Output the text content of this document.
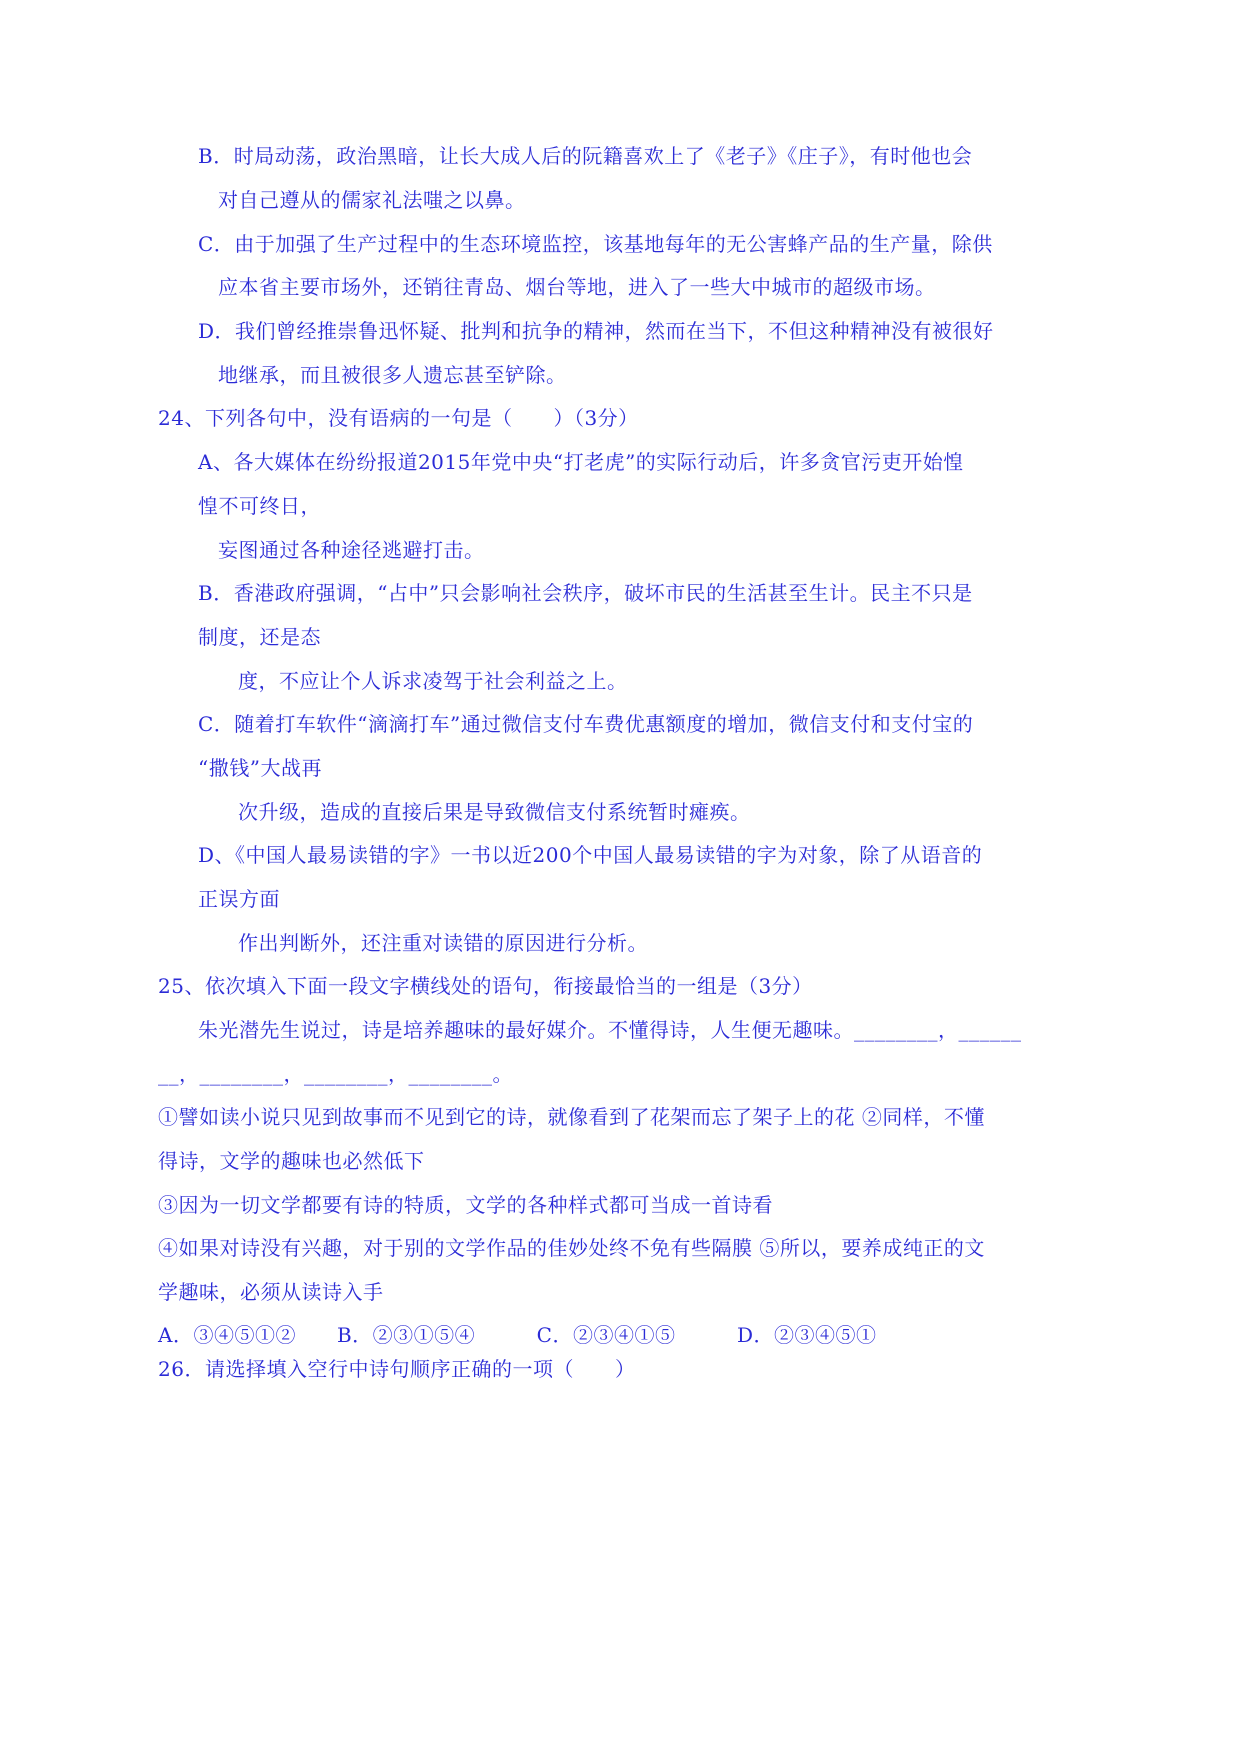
B．时局动荡，政治黑暗，让长大成人后的阮籍喜欢上了《老子》《庄子》，有时他也会
对自己遵从的儒家礼法嗤之以鼻。
C．由于加强了生产过程中的生态环境监控，该基地每年的无公害蜂产品的生产量，除供
应本省主要市场外，还销往青岛、烟台等地，进入了一些大中城市的超级市场。
D．我们曾经推崇鲁迅怀疑、批判和抗争的精神，然而在当下，不但这种精神没有被很好
地继承，而且被很多人遗忘甚至铲除。
24、下列各句中，没有语病的一句是（　　）（3分）
A、各大媒体在纷纷报道2015年党中央“打老虎”的实际行动后，许多贪官污吏开始惶
惶不可终日，
妄图通过各种途径逃避打击。
B．香港政府强调，“占中”只会影响社会秩序，破坏市民的生活甚至生计。民主不只是
制度，还是态
度，不应让个人诉求凌驾于社会利益之上。
C．随着打车软件“滴滴打车”通过微信支付车费优惠额度的增加，微信支付和支付宝的
“撒钱”大战再
次升级，造成的直接后果是导致微信支付系统暂时瘫痪。
D、《中国人最易读错的字》一书以近200个中国人最易读错的字为对象，除了从语音的
正误方面
作出判断外，还注重对读错的原因进行分析。
25、依次填入下面一段文字横线处的语句，衔接最恰当的一组是（3分）
朱光潜先生说过，诗是培养趣味的最好媒介。不懂得诗，人生便无趣味。________，______
__，________，________，________。
①譬如读小说只见到故事而不见到它的诗，就像看到了花架而忘了架子上的花 ②同样，不懂
得诗，文学的趣味也必然低下
③因为一切文学都要有诗的特质，文学的各种样式都可当成一首诗看
④如果对诗没有兴趣，对于别的文学作品的佳妙处终不免有些隔膜 ⑤所以，要养成纯正的文
学趣味，必须从读诗入手
A．③④⑤①②　　B．②③①⑤④　　　C．②③④①⑤　　　D．②③④⑤①
26．请选择填入空行中诗句顺序正确的一项（　　）
